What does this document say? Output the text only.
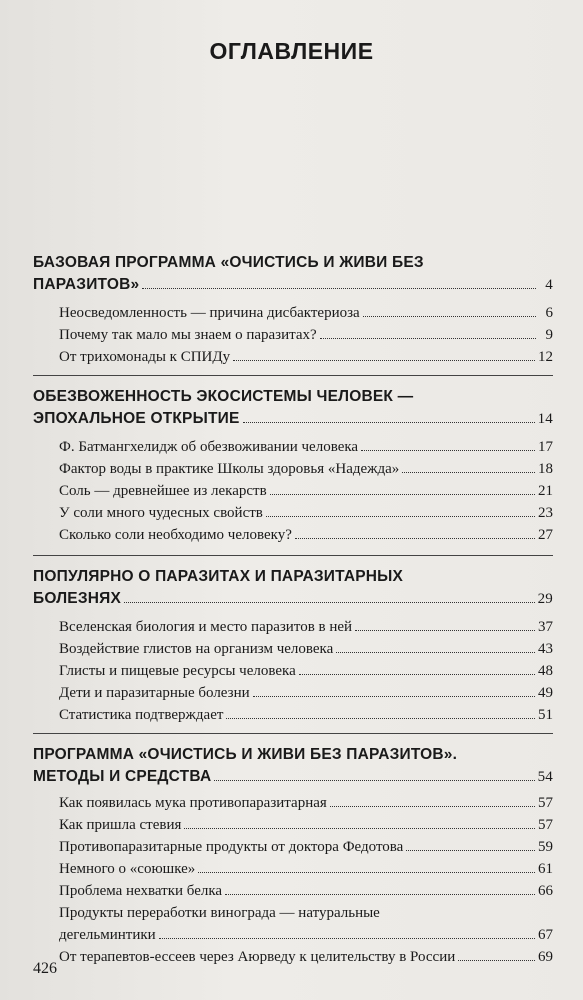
ОГЛАВЛЕНИЕ
БАЗОВАЯ ПРОГРАММА «ОЧИСТИСЬ И ЖИВИ БЕЗ
ПАРАЗИТОВ»	4
Неосведомленность — причина дисбактериоза	6
Почему так мало мы знаем о паразитах?	9
От трихомонады к СПИДу	12
ОБЕЗВОЖЕННОСТЬ ЭКОСИСТЕМЫ ЧЕЛОВЕК —
ЭПОХАЛЬНОЕ ОТКРЫТИЕ	14
Ф. Батмангхелидж об обезвоживании человека	17
Фактор воды в практике Школы здоровья «Надежда»	18
Соль — древнейшее из лекарств	21
У соли много чудесных свойств	23
Сколько соли необходимо человеку?	27
ПОПУЛЯРНО О ПАРАЗИТАХ И ПАРАЗИТАРНЫХ
БОЛЕЗНЯХ	29
Вселенская биология и место паразитов в ней	37
Воздействие глистов на организм человека	43
Глисты и пищевые ресурсы человека	48
Дети и паразитарные болезни	49
Статистика подтверждает	51
ПРОГРАММА «ОЧИСТИСЬ И ЖИВИ БЕЗ ПАРАЗИТОВ».
МЕТОДЫ И СРЕДСТВА	54
Как появилась мука противопаразитарная	57
Как пришла стевия	57
Противопаразитарные продукты от доктора Федотова	59
Немного о «союшке»	61
Проблема нехватки белка	66
Продукты переработки винограда — натуральные
дегельминтики	67
От терапевтов-ессеев через Аюрведу к целительству в России	69
426
